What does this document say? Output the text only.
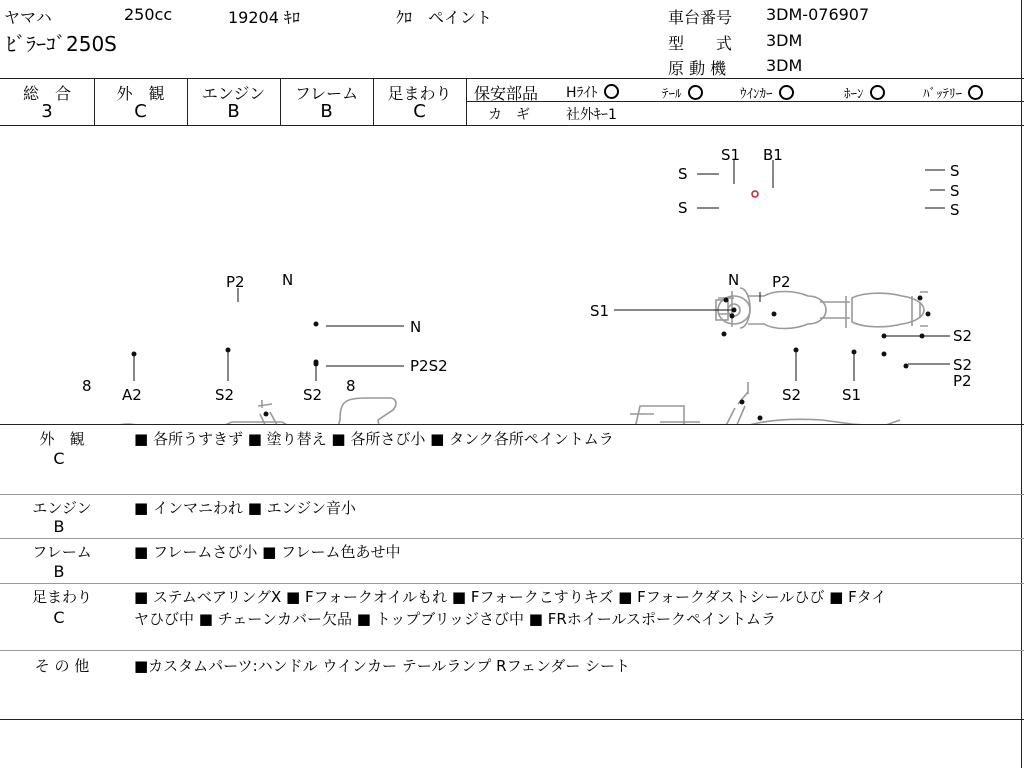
ヤマハ	250cc	19204 ｷﾛ	ｸﾛ　ペイント
ﾋﾞﾗｰｺﾞ250S
車台番号 3DM-076907
型　　式 3DM
原 動 機 3DM
総　合
3
外　観
C
エンジン
B
フレーム
B
足まわり
C
保安部品 Hﾗｲﾄ	ﾃｰﾙ	ｳｲﾝｶｰ	ﾎｰﾝ	ﾊﾞｯﾃﾘｰ
カ　ギ	社外ｷｰ1
S1 B1
S
S
S
S
S
P2 N
N
P2S2
8 A2	S2	S2 8
N P2
S1
S2
S2
P2
S2	S1
外　観
C
■ 各所うすきず ■ 塗り替え ■ 各所さび小 ■ タンク各所ペイントムラ
エンジン
B
■ インマニわれ ■ エンジン音小
フレーム
B
■ フレームさび小 ■ フレーム色あせ中
足まわり
C
■ ステムベアリングX ■ Fフォークオイルもれ ■ Fフォークこすりキズ ■ Fフォークダストシールひび ■ Fタイ
ヤひび中 ■ チェーンカバー欠品 ■ トップブリッジさび中 ■ FRホイールスポークペイントムラ
そ の 他	■カスタムパーツ:ハンドル ウインカー テールランプ Rフェンダー シート
